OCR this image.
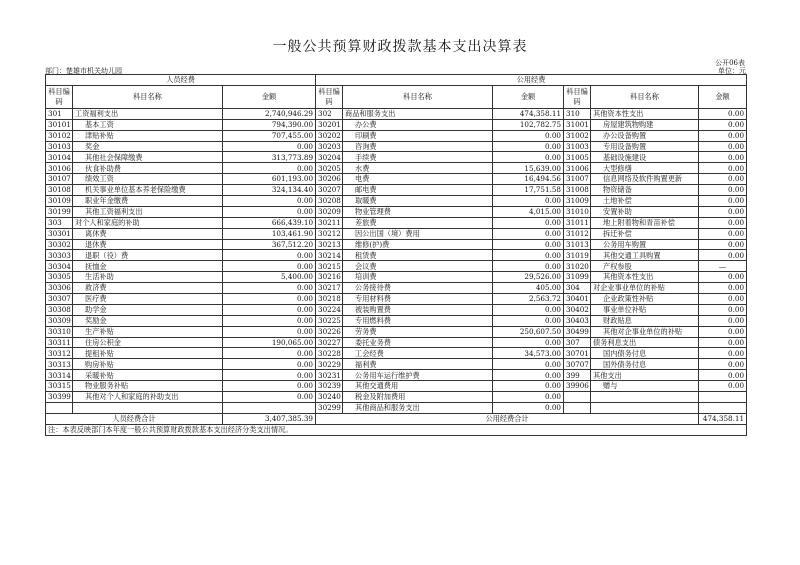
一般公共预算财政拨款基本支出决算表
公开06表
部门：楚雄市机关幼儿园	单位：元
人员经费			公用经费					
科目编码	科目名称	金额	科目编码	科目名称	金额	科目编码	科目名称	金额
301	工资福利支出	2,740,946.29	302	商品和服务支出	474,358.11	310	其他资本性支出	0.00
30101	基本工资	794,390.00	30201	办公费	102,782.75	31001	房屋建筑物购建	0.00
30102	津贴补贴	707,455.00	30202	印刷费	0.00	31002	办公设备购置	0.00
30103	奖金	0.00	30203	咨询费	0.00	31003	专用设备购置	0.00
30104	其他社会保障缴费	313,773.89	30204	手续费	0.00	31005	基础设施建设	0.00
30106	伙食补助费	0.00	30205	水费	15,639.00	31006	大型修缮	0.00
30107	绩效工资	601,193.00	30206	电费	16,494.56	31007	信息网络及软件购置更新	0.00
30108	机关事业单位基本养老保险缴费	324,134.40	30207	邮电费	17,751.58	31008	物资储备	0.00
30109	职业年金缴费	0.00	30208	取暖费	0.00	31009	土地补偿	0.00
30199	其他工资福利支出	0.00	30209	物业管理费	4,015.00	31010	安置补助	0.00
303	对个人和家庭的补助	666,439.10	30211	差旅费	0.00	31011	地上附着物和青苗补偿	0.00
30301	离休费	103,461.90	30212	因公出国（境）费用	0.00	31012	拆迁补偿	0.00
30302	退休费	367,512.20	30213	维修(护)费	0.00	31013	公务用车购置	0.00
30303	退职（役）费	0.00	30214	租赁费	0.00	31019	其他交通工具购置	0.00
30304	抚恤金	0.00	30215	会议费	0.00	31020	产权参股	—
30305	生活补助	5,400.00	30216	培训费	29,526.00	31099	其他资本性支出	0.00
30306	救济费	0.00	30217	公务接待费	405.00	304	对企业事业单位的补贴	0.00
30307	医疗费	0.00	30218	专用材料费	2,563.72	30401	企业政策性补贴	0.00
30308	助学金	0.00	30224	被装购置费	0.00	30402	事业单位补贴	0.00
30309	奖励金	0.00	30225	专用燃料费	0.00	30403	财政贴息	0.00
30310	生产补贴	0.00	30226	劳务费	250,607.50	30499	其他对企事业单位的补贴	0.00
30311	住房公积金	190,065.00	30227	委托业务费	0.00	307	债务利息支出	0.00
30312	提租补贴	0.00	30228	工会经费	34,573.00	30701	国内债务付息	0.00
30313	购房补贴	0.00	30229	福利费	0.00	30707	国外债务付息	0.00
30314	采暖补贴	0.00	30231	公务用车运行维护费	0.00	399	其他支出	0.00
30315	物业服务补贴	0.00	30239	其他交通费用	0.00	39906	赠与	0.00
30399	其他对个人和家庭的补助支出	0.00	30240	税金及附加费用	0.00			
			30299	其他商品和服务支出	0.00			
人员经费合计		3,407,385.39	公用经费合计					474,358.11
注：本表反映部门本年度一般公共预算财政拨款基本支出经济分类支出情况。								
